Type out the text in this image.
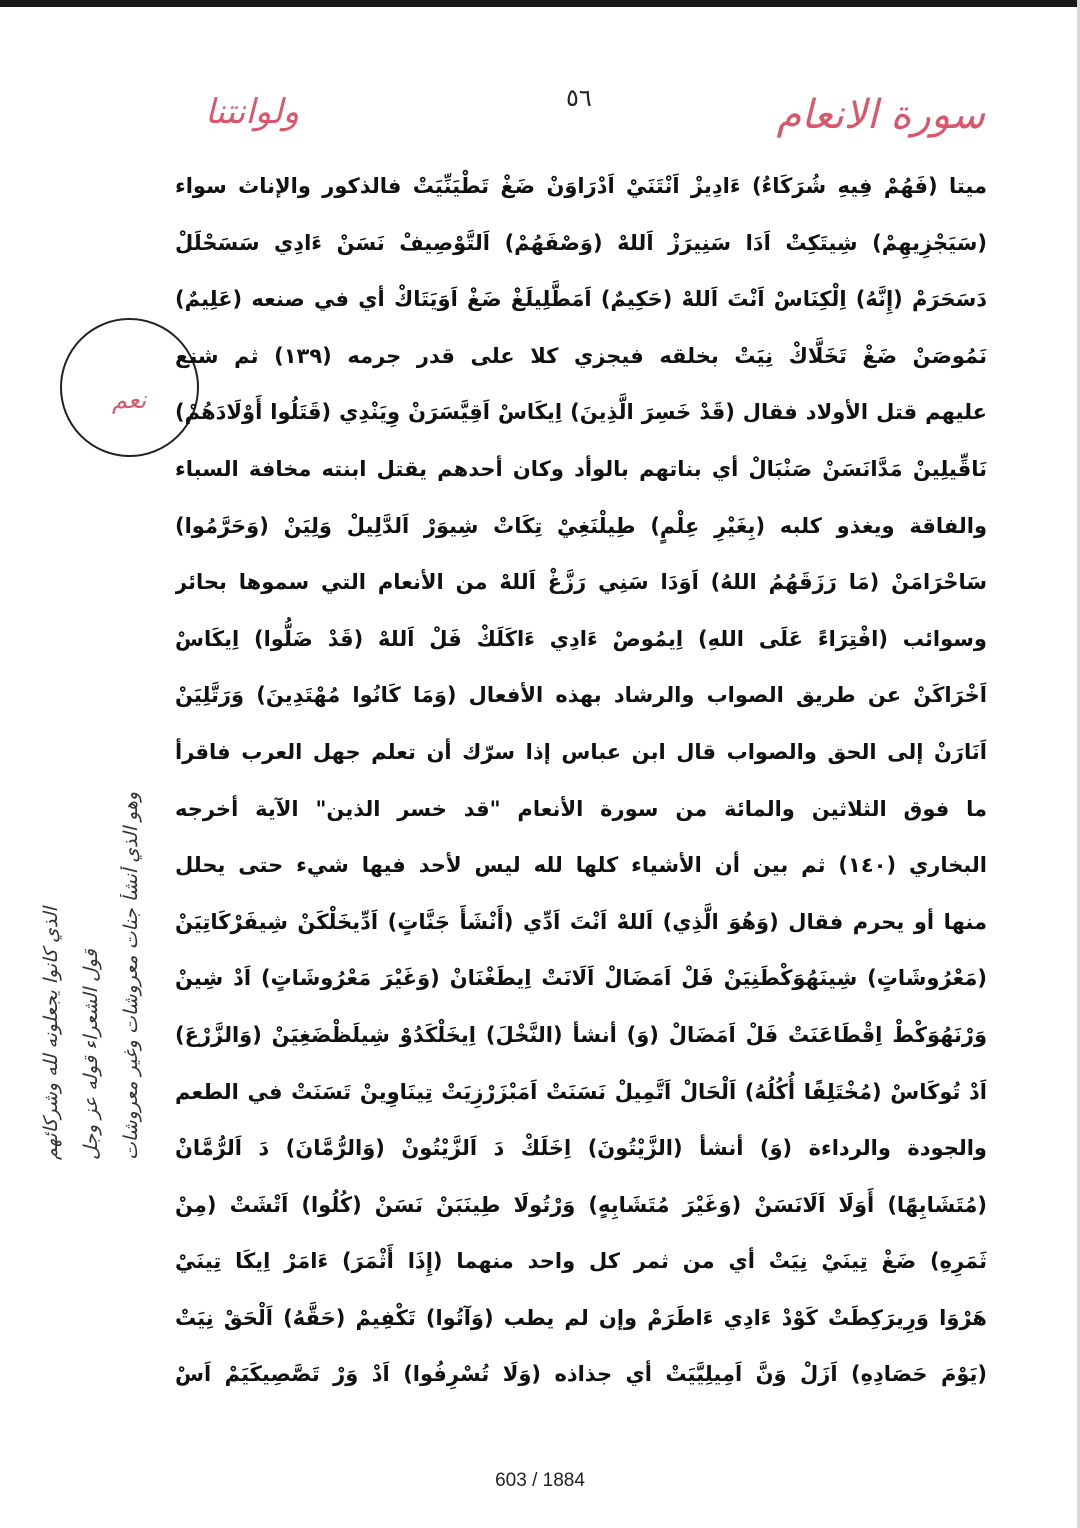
سورة الانعام
٥٦
ولوانتنا
نعم
الذي كانوا يجعلونه لله وشركائهم قول الشعراء قوله عز وجل وهو الذي أنشأ جنات معروشات وغير معروشات
ميتا (فَهُمْ فِيهِ شُرَكَاءُ) ءَادِيزْ اَنْتَنَيْ اَدْرَاوَنْ ضَغْ تَطْيَنِّيَتْ فالذكور والإناث سواء
(سَيَجْزِيهِمْ) شِيتَكِتْ اَدَا سَنِيرَزْ اَللهْ (وَصْفَهُمْ) اَلتَّوْصِيفْ نَسَنْ ءَادِي سَسَحْلَلْ
دَسَحَرَمْ (إِنَّهُ) اِلْكِنَاسْ اَنْتَ اَللهْ (حَكِيمٌ) اَمَطَّلِيلَغْ ضَغْ اَوَيَتَاكْ أي في صنعه (عَلِيمٌ)
نَمُوصَنْ ضَغْ تَخَلَّاكْ نِيَتْ بخلقه فيجزي كلا على قدر جرمه (١٣٩) ثم شنع
عليهم قتل الأولاد فقال (قَدْ خَسِرَ الَّذِينَ) اِيكَاسْ اَقِيَّسَرَنْ وِيَنْدِي (قَتَلُوا أَوْلَادَهُمْ)
نَاقِّيلِينْ مَدَّانَسَنْ صَنْبَالْ أي بناتهم بالوأد وكان أحدهم يقتل ابنته مخافة السباء
والفاقة ويغذو كلبه (بِغَيْرِ عِلْمٍ) طِيلْنَغِيْ تِكَاتْ شِيوَرْ اَلدَّلِيلْ وَلِيَنْ (وَحَرَّمُوا)
سَاحْرَامَنْ (مَا رَزَقَهُمُ اللهُ) اَوَدَا سَنِي رَزَّغْ اَللهْ من الأنعام التي سموها بحائر
وسوائب (افْتِرَاءً عَلَى اللهِ) اِيمُوصْ ءَادِي ءَاكَلَكْ فَلْ اَللهْ (قَدْ ضَلُّوا) اِيكَاسْ
اَخْرَاكَنْ عن طريق الصواب والرشاد بهذه الأفعال (وَمَا كَانُوا مُهْتَدِينَ) وَرَتَّلِيَنْ
اَنَارَنْ إلى الحق والصواب قال ابن عباس إذا سرّك أن تعلم جهل العرب فاقرأ
ما فوق الثلاثين والمائة من سورة الأنعام "قد خسر الذين" الآية أخرجه
البخاري (١٤٠) ثم بين أن الأشياء كلها لله ليس لأحد فيها شيء حتى يحلل
منها أو يحرم فقال (وَهُوَ الَّذِي) اَللهْ اَنْتَ اَدِّي (أَنْشَأَ جَنَّاتٍ) اَدِّيخَلْكَنْ شِيفَرْكَاتِيَنْ
(مَعْرُوشَاتٍ) شِينَهُوَكْطَنِيَنْ فَلْ اَمَضَالْ اَلَانَتْ اِيطَغْنَانْ (وَغَيْرَ مَعْرُوشَاتٍ) اَدْ شِينْ
وَرْنَهُوَكْطْ اِقْطَاعَنَتْ فَلْ اَمَضَالْ (وَ) أنشأ (النَّخْلَ) اِيخَلْكَدُوْ شِيلَظْضَغِيَنْ (وَالزَّرْعَ)
اَدْ تُوكَاسْ (مُخْتَلِفًا أُكُلُهُ) اَلْحَالْ اَتَّمِيلْ نَسَنَتْ اَمَبْزَرْزِيَتْ تِينَاوِينْ تَسَنَتْ في الطعم
والجودة والرداءة (وَ) أنشأ (الزَّيْتُونَ) اِخَلَكْ دَ اَلزَّيْتُونْ (وَالرُّمَّانَ) دَ اَلرُّمَّانْ
(مُتَشَابِهًا) أَوَلَا اَلَانَسَنْ (وَغَيْرَ مُتَشَابِهٍ) وَرْتُولَا طِينَبَنْ نَسَنْ (كُلُوا) اَتْشَتْ (مِنْ
ثَمَرِهِ) ضَغْ تِينَيْ نِيَتْ أي من ثمر كل واحد منهما (إِذَا أَثْمَرَ) ءَامَرْ اِيكَا تِينَيْ
هَرْوَا وَرِيرَكِطَتْ كَوْدْ ءَادِي ءَاطَرَمْ وإن لم يطب (وَآتُوا) تَكْفِيمْ (حَقَّهُ) اَلْحَقْ نِيَتْ
(يَوْمَ حَصَادِهِ) اَزَلْ وَنَّ اَمِيلِيَّيَتْ أي جذاذه (وَلَا تُسْرِفُوا) اَدْ وَرْ تَصَّصِيكَيَمْ اَسْ
603 / 1884
